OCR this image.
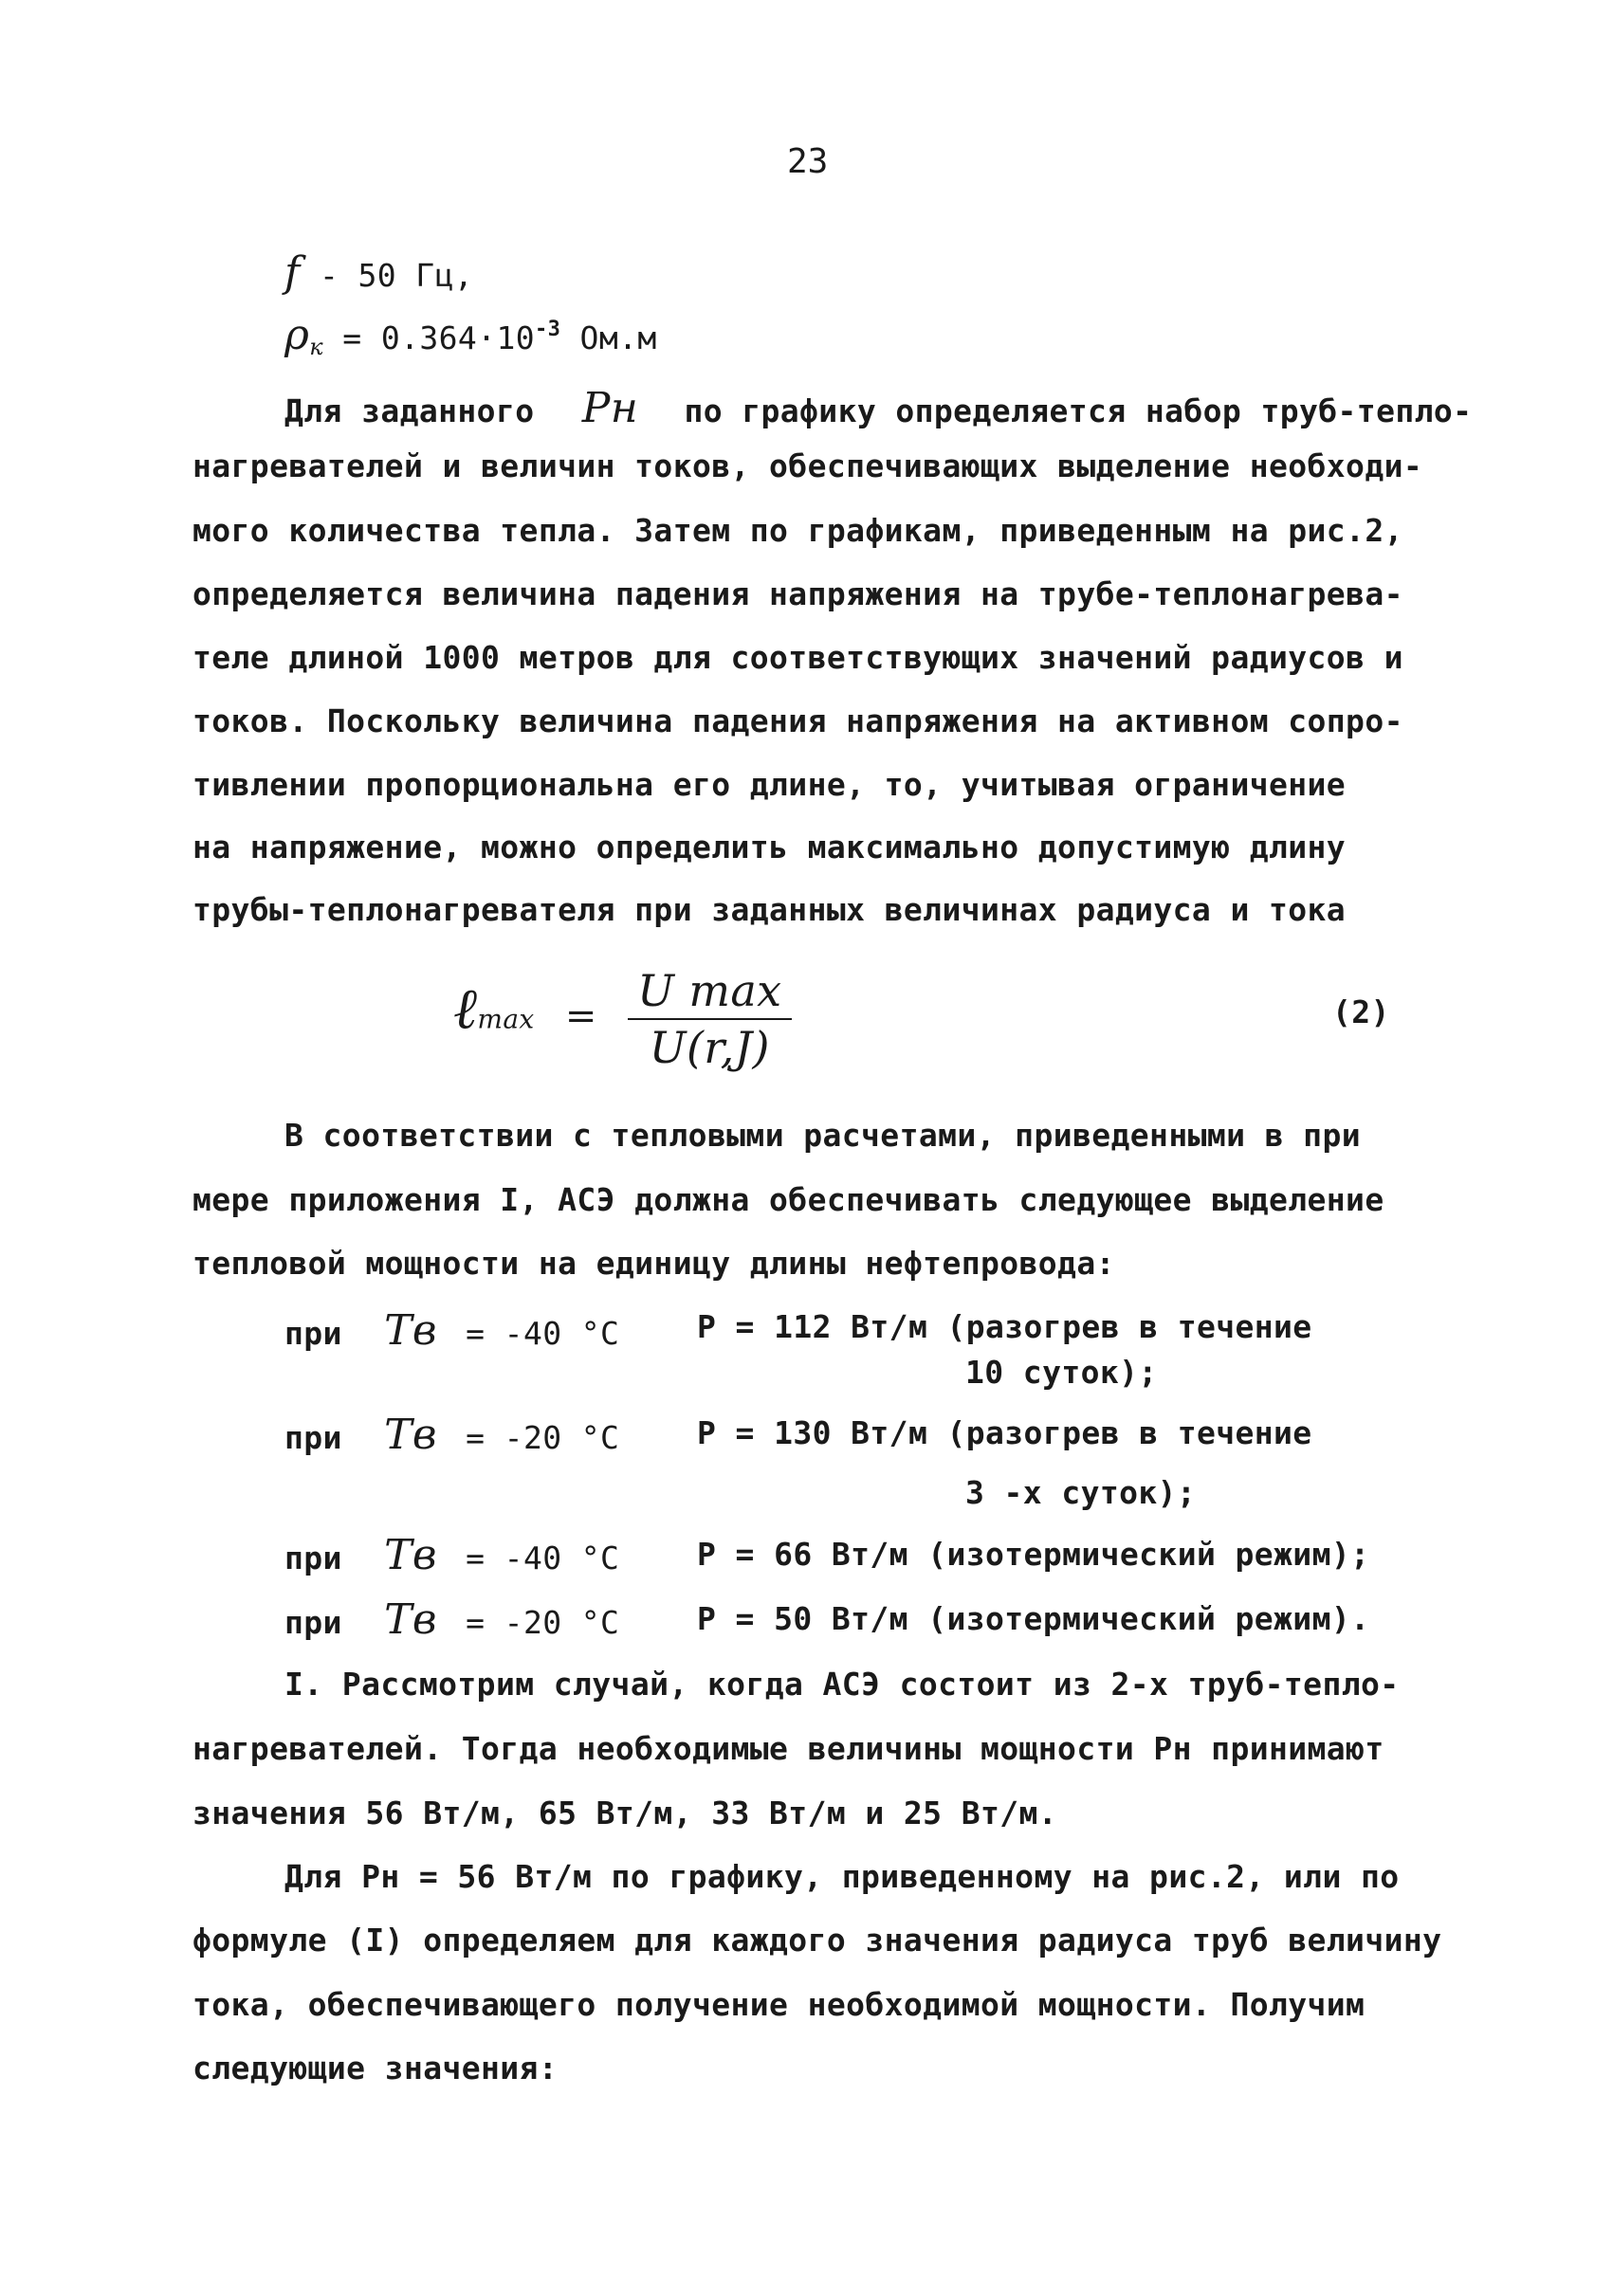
23
f - 50 Гц,
$\rho_к = 0.364\cdot 10^{-3}$ Ом.м
Для заданного Рн по графику определяется набор труб-тепло-
нагревателей и величин токов, обеспечивающих выделение необходи-
мого количества тепла. Затем по графикам, приведенным на рис.2,
определяется величина падения напряжения на трубе-теплонагрева-
теле длиной 1000 метров для соответствующих значений радиусов и
токов. Поскольку величина падения напряжения на активном сопро-
тивлении пропорциональна его длине, то, учитывая ограничение
на напряжение, можно определить максимально допустимую длину
трубы-теплонагревателя при заданных величинах радиуса и тока
ℓmax = $\frac{\text{U max}}{U(r,J)}$	(2)
В соответствии с тепловыми расчетами, приведенными в при
мере приложения I, АСЭ должна обеспечивать следующее выделение
тепловой мощности на единицу длины нефтепровода:
при Тв = -40 °С Р = 112 Вт/м (разогрев в течение
10 суток);
при Тв = -20 °С Р = 130 Вт/м (разогрев в течение
3 -х суток);
при Тв = -40 °С Р = 66 Вт/м (изотермический режим);
при Тв = -20 °С Р = 50 Вт/м (изотермический режим).
I. Рассмотрим случай, когда АСЭ состоит из 2-х труб-тепло-
нагревателей. Тогда необходимые величины мощности Рн принимают
значения 56 Вт/м, 65 Вт/м, 33 Вт/м и 25 Вт/м.
Для Рн = 56 Вт/м по графику, приведенному на рис.2, или по
формуле (I) определяем для каждого значения радиуса труб величину
тока, обеспечивающего получение необходимой мощности. Получим
следующие значения:
